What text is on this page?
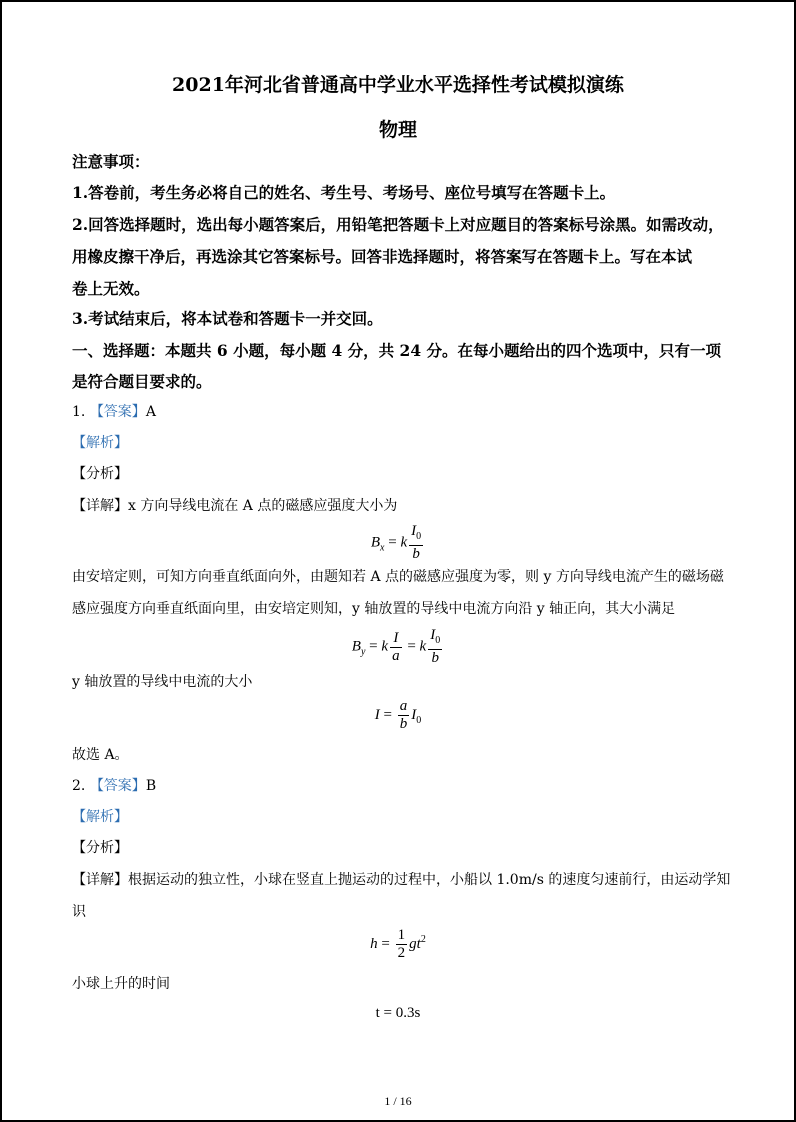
2021年河北省普通高中学业水平选择性考试模拟演练
物理
注意事项：
1.答卷前，考生务必将自己的姓名、考生号、考场号、座位号填写在答题卡上。
2.回答选择题时，选出每小题答案后，用铅笔把答题卡上对应题目的答案标号涂黑。如需改动，
用橡皮擦干净后，再选涂其它答案标号。回答非选择题时，将答案写在答题卡上。写在本试
卷上无效。
3.考试结束后，将本试卷和答题卡一并交回。
一、选择题：本题共 6 小题，每小题 4 分，共 24 分。在每小题给出的四个选项中，只有一项
是符合题目要求的。
1. 【答案】A
【解析】
【分析】
【详解】x 方向导线电流在 A 点的磁感应强度大小为
$B_x = k \frac{I_0}{b}$
由安培定则，可知方向垂直纸面向外，由题知若 A 点的磁感应强度为零，则 y 方向导线电流产生的磁场磁
感应强度方向垂直纸面向里，由安培定则知，y 轴放置的导线中电流方向沿 y 轴正向，其大小满足
$B_y = k \frac{I}{a} = k \frac{I_0}{b}$
y 轴放置的导线中电流的大小
$I = \frac{a}{b} I_0$
故选 A。
2. 【答案】B
【解析】
【分析】
【详解】根据运动的独立性，小球在竖直上抛运动的过程中，小船以 1.0m/s 的速度匀速前行，由运动学知
识
$h = \frac{1}{2} gt^2$
小球上升的时间
t = 0.3s
1 / 16
